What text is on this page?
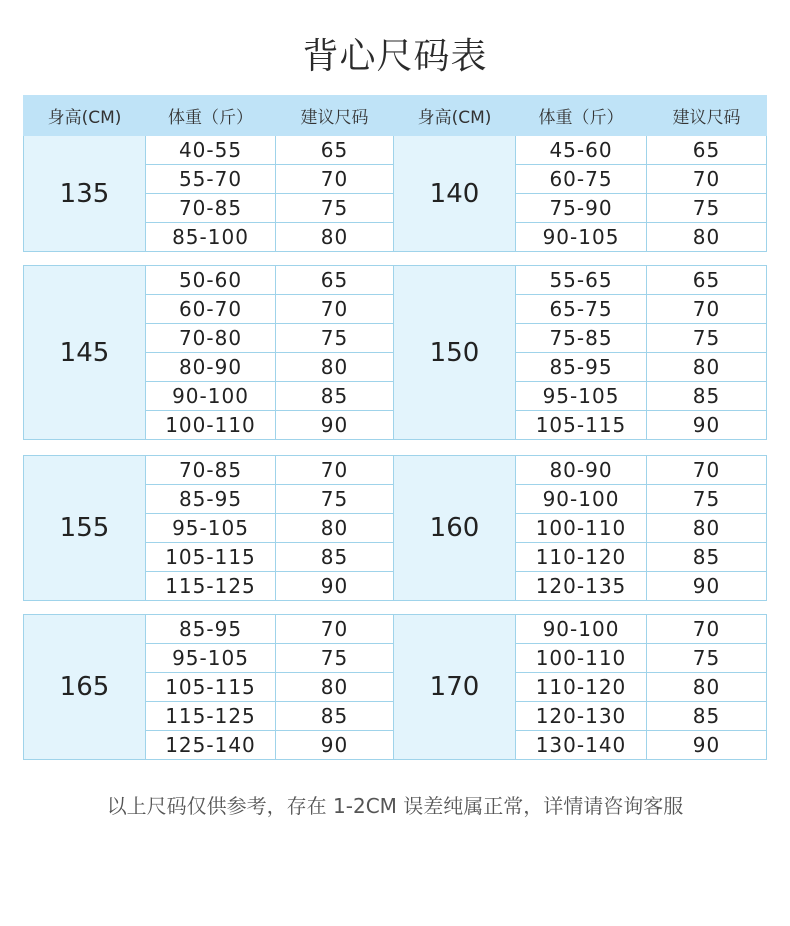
背心尺码表
身高(CM)	体重（斤）	建议尺码	身高(CM)	体重（斤）	建议尺码
135	40-55	65	140	45-60	65
	55-70	70		60-75	70
	70-85	75		75-90	75
	85-100	80		90-105	80
145	50-60	65	150	55-65	65
	60-70	70		65-75	70
	70-80	75		75-85	75
	80-90	80		85-95	80
	90-100	85		95-105	85
	100-110	90		105-115	90
155	70-85	70	160	80-90	70
	85-95	75		90-100	75
	95-105	80		100-110	80
	105-115	85		110-120	85
	115-125	90		120-135	90
165	85-95	70	170	90-100	70
	95-105	75		100-110	75
	105-115	80		110-120	80
	115-125	85		120-130	85
	125-140	90		130-140	90
以上尺码仅供参考，存在 1-2CM 误差纯属正常，详情请咨询客服
